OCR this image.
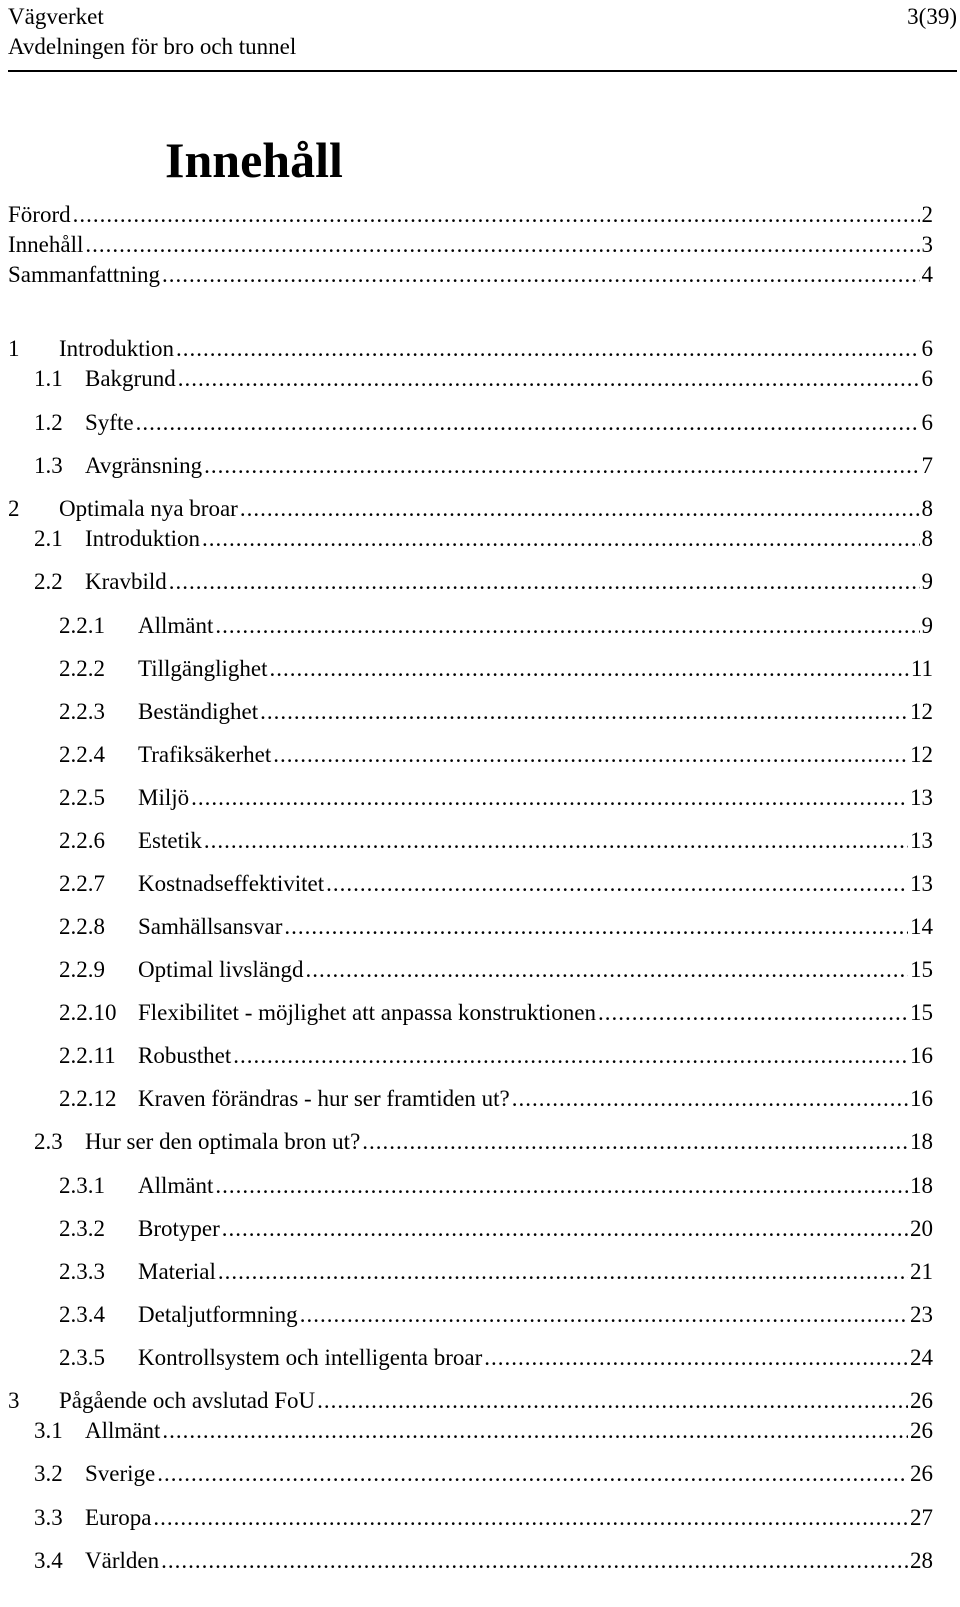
Vägverket
Avdelningen för bro och tunnel
3(39)
Innehåll
Förord .....	2
Innehåll .....	3
Sammanfattning .....	4
1	Introduktion .....	6
1.1 Bakgrund .....	6
1.2 Syfte .....	6
1.3 Avgränsning .....	7
2	Optimala nya broar .....	8
2.1 Introduktion .....	8
2.2 Kravbild .....	9
2.2.1	Allmänt .....	9
2.2.2	Tillgänglighet .....	11
2.2.3	Beständighet .....	12
2.2.4	Trafiksäkerhet .....	12
2.2.5	Miljö .....	13
2.2.6	Estetik .....	13
2.2.7	Kostnadseffektivitet .....	13
2.2.8	Samhällsansvar .....	14
2.2.9	Optimal livslängd .....	15
2.2.10 Flexibilitet - möjlighet att anpassa konstruktionen .....	15
2.2.11 Robusthet .....	16
2.2.12 Kraven förändras - hur ser framtiden ut? .....	16
2.3 Hur ser den optimala bron ut? .....	18
2.3.1	Allmänt .....	18
2.3.2	Brotyper .....	20
2.3.3	Material .....	21
2.3.4	Detaljutformning .....	23
2.3.5	Kontrollsystem och intelligenta broar .....	24
3	Pågående och avslutad FoU .....	26
3.1 Allmänt .....	26
3.2 Sverige .....	26
3.3 Europa .....	27
3.4 Världen .....	28
